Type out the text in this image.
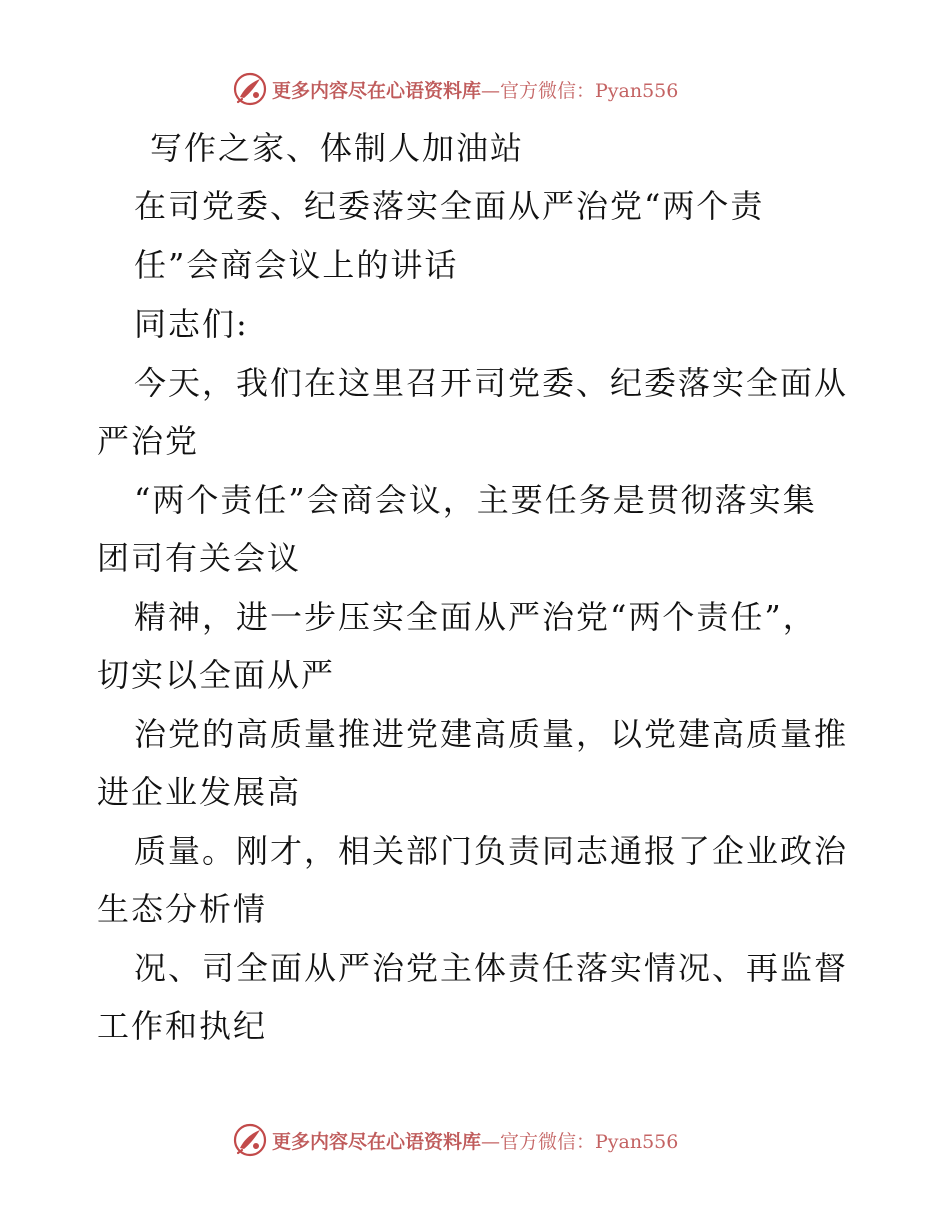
更多内容尽在心语资料库—官方微信：Pyan556
写作之家、体制人加油站
在司党委、纪委落实全面从严治党“两个责
任”会商会议上的讲话
同志们:
今天，我们在这里召开司党委、纪委落实全面从
严治党
“两个责任”会商会议，主要任务是贯彻落实集
团司有关会议
精神，进一步压实全面从严治党“两个责任”，
切实以全面从严
治党的高质量推进党建高质量，以党建高质量推
进企业发展高
质量。刚才，相关部门负责同志通报了企业政治
生态分析情
况、司全面从严治党主体责任落实情况、再监督
工作和执纪
更多内容尽在心语资料库—官方微信：Pyan556
